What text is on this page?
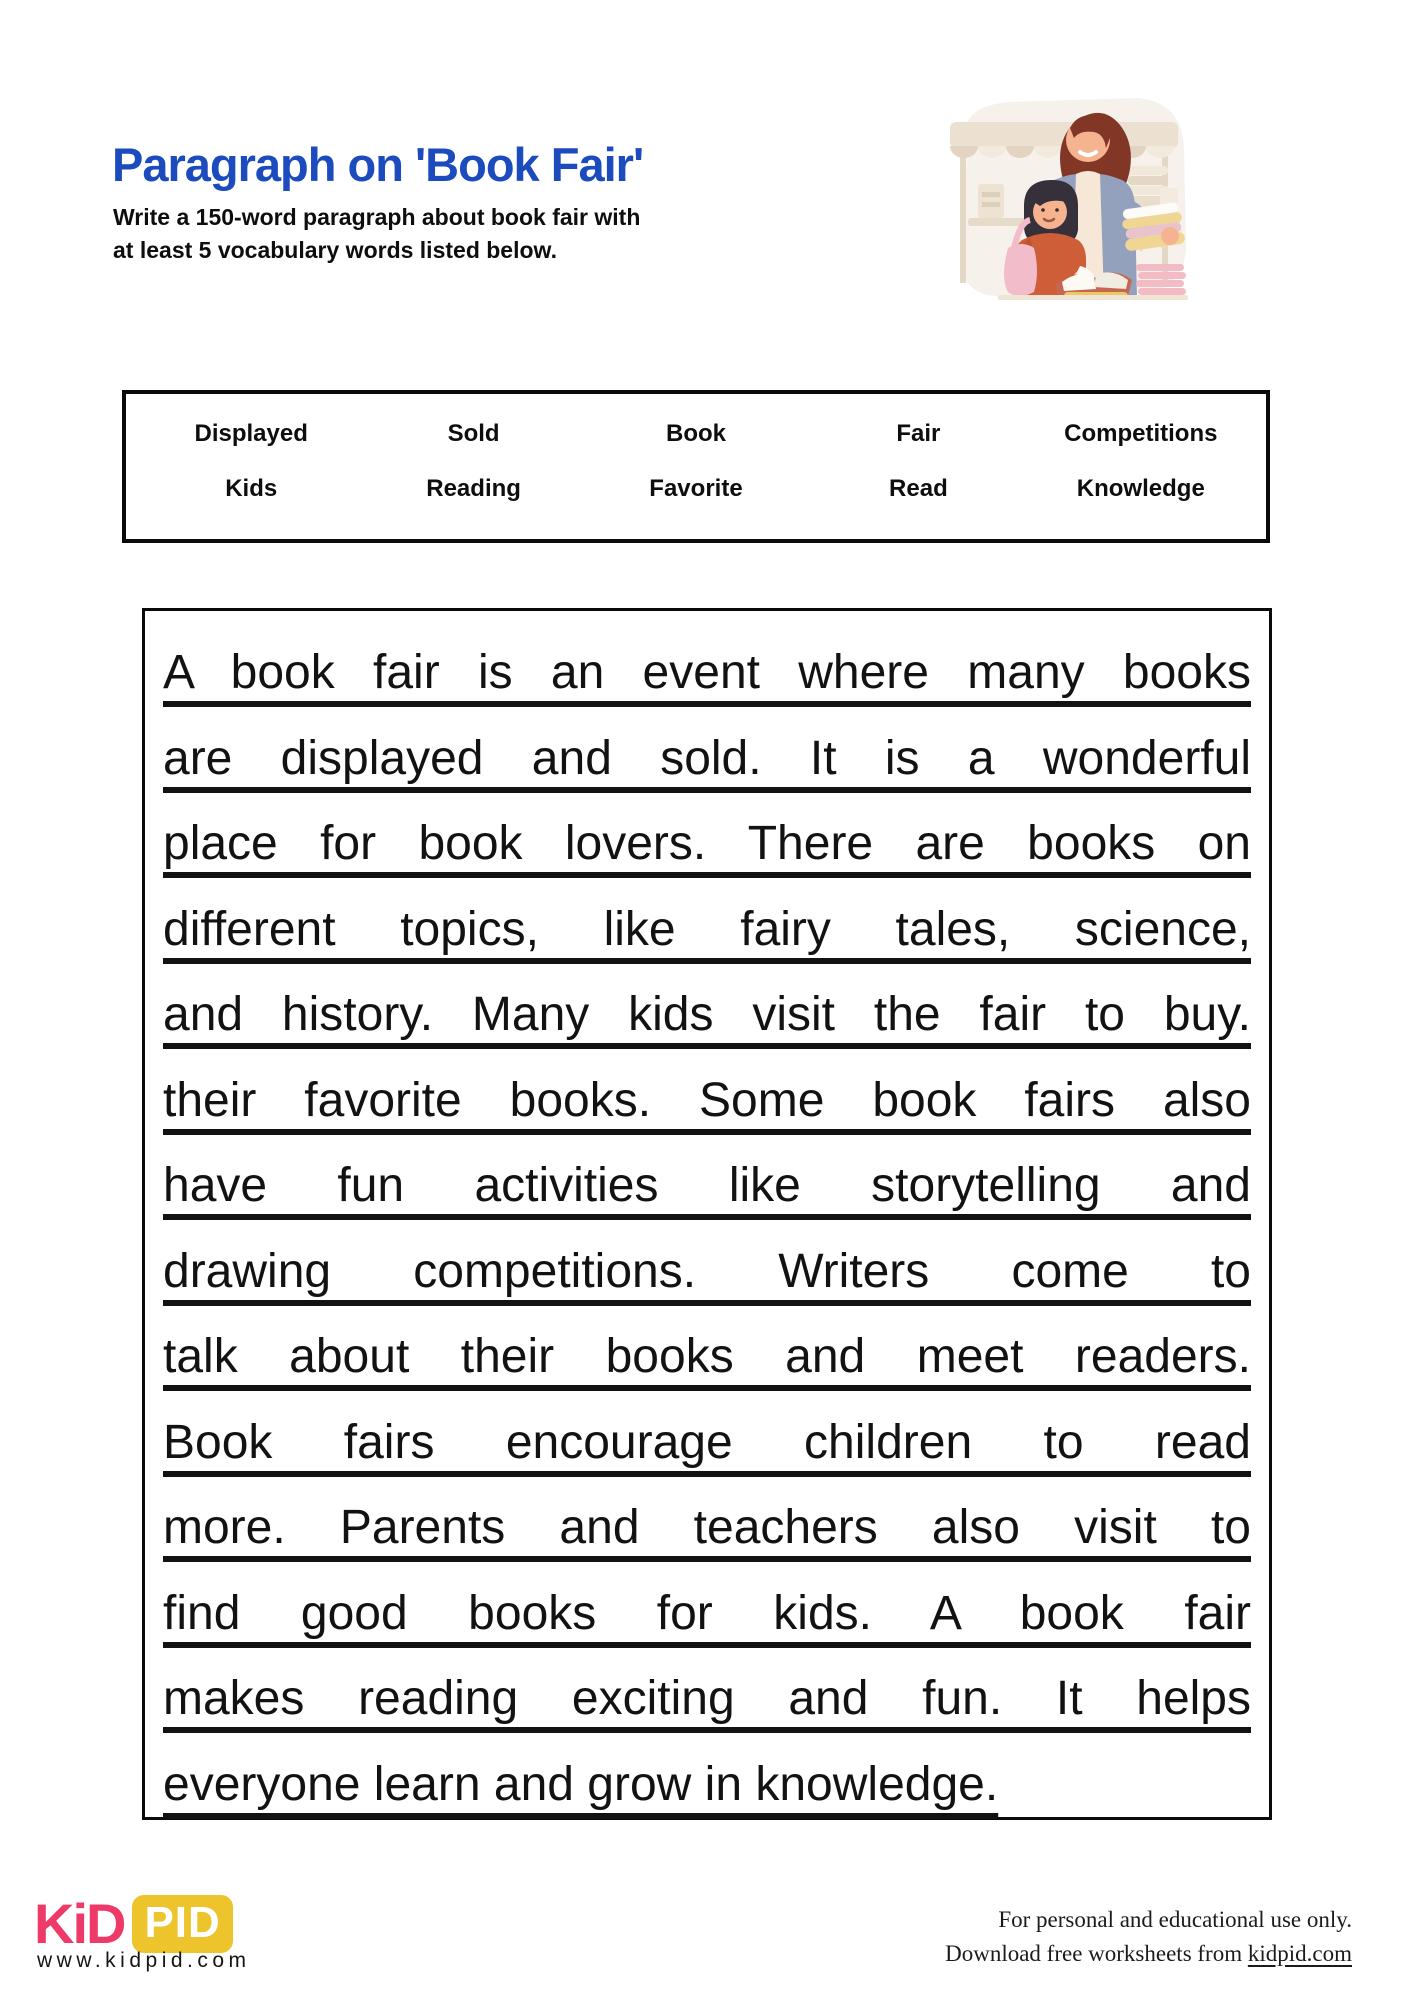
Paragraph on 'Book Fair'
Write a 150-word paragraph about book fair with
at least 5 vocabulary words listed below.
Displayed	Sold	Book	Fair	Competitions
Kids	Reading	Favorite	Read	Knowledge
A book fair is an event where many books
are displayed and sold. It is a wonderful
place for book lovers. There are books on
different topics, like fairy tales, science,
and history. Many kids visit the fair to buy.
their favorite books. Some book fairs also
have fun activities like storytelling and
drawing competitions. Writers come to
talk about their books and meet readers.
Book fairs encourage children to read
more. Parents and teachers also visit to
find good books for kids. A book fair
makes reading exciting and fun. It helps
everyone learn and grow in knowledge.
KiD PID
www.kidpid.com
For personal and educational use only.
Download free worksheets from kidpid.com
